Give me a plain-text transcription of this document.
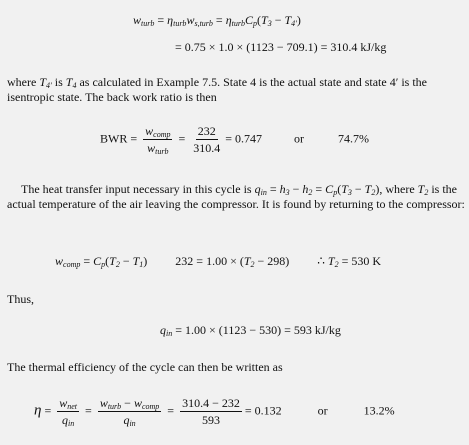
$w_{turb} = \eta_{turb}w_{s,turb} = \eta_{turb}C_p(T_3 - T_{4'})$
= 0.75 × 1.0 × (1123 − 709.1) = 310.4 kJ/kg
where $T_{4'}$ is $T_4$ as calculated in Example 7.5. State 4 is the actual state and state 4′ is the isentropic state. The back work ratio is then
BWR = $\frac{w_{comp}}{w_{turb}} = \frac{232}{310.4} = 0.747$	or	74.7%
The heat transfer input necessary in this cycle is $q_{in} = h_3 - h_2 = C_p(T_3 - T_2)$, where $T_2$ is the actual temperature of the air leaving the compressor. It is found by returning to the compressor:
$w_{comp} = C_p(T_2 - T_1) 232 = 1.00 \times (T_2 - 298)$  ∴ $T_2 = 530$ K
Thus,
$q_{in} = 1.00 \times (1123 - 530) = 593$ kJ/kg
The thermal efficiency of the cycle can then be written as
$\eta = \frac{w_{net}}{q_{in}} = \frac{w_{turb} - w_{comp}}{q_{in}} = \frac{310.4 - 232}{593} = 0.132$	or	13.2%
